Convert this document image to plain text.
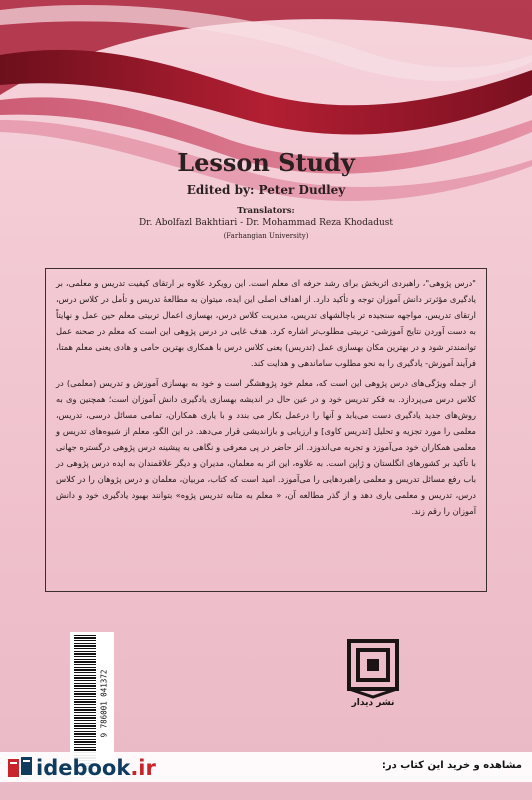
Lesson Study
Edited by: Peter Dudley
Translators:
Dr. Abolfazl Bakhtiari - Dr. Mohammad Reza Khodadust
(Farhangian University)

"درس پژوهی"، راهبردی اثربخش برای رشد حرفه ای معلم است. این رویکرد علاوه بر ارتقای کیفیت تدریس و معلمی، بر یادگیری مؤثرتر دانش آموزان توجه و تأکید دارد. از اهداف اصلی این ایده، میتوان به مطالعهٔ تدریس و تأمل در کلاس درس، ارتقای تدریس، مواجهه سنجیده تر باچالشهای تدریس، مدیریت کلاس درس، بهسازی اعمال تربیتی معلم حین عمل و نهایتاً به دست آوردن نتایج آموزشی- تربیتی مطلوب‌تر اشاره کرد. هدف غایی در درس پژوهی این است که معلم در صحنه عمل توانمندتر شود و در بهترین مکان بهسازی عمل (تدریس) یعنی کلاس درس با همکاری بهترین حامی و هادی یعنی معلم همتا، فرآیند آموزش- یادگیری را به نحو مطلوب ساماندهی و هدایت کند.

از جمله ویژگی‌های درس پژوهی این است که، معلم خود پژوهشگر است و خود به بهسازی آموزش و تدریس (معلمی) در کلاس درس می‌پردازد. به فکر تدریس خود و در عین حال در اندیشه بهسازی یادگیری دانش آموزان است؛ همچنین وی به روش‌های جدید یادگیری دست می‌یابد و آنها را درعمل بکار می بندد و با یاری همکاران، تمامی مسائل درسی، تدریس، معلمی را مورد تجزیه و تحلیل [تدریس کاوی] و ارزیابی و بازاندیشی قرار می‌دهد. در این الگو، معلم از شیوه‌های تدریس و معلمی همکاران خود می‌آموزد و تجربه می‌اندوزد. اثر حاضر در پی معرفی و نگاهی به پیشینه درس پژوهی درگستره جهانی با تأکید بر کشورهای انگلستان و ژاپن است. به علاوه، این اثر به معلمان، مدیران و دیگر علاقمندان به ایده درس پژوهی در باب رفع مسائل تدریس و معلمی راهبردهایی را می‌آموزد. امید است که کتاب، مربیان، معلمان و درس پژوهان را در کلاس درس، تدریس و معلمی یاری دهد و از گذر مطالعه آن، « معلم به مثابه تدریس پژوه» بتوانند بهبود یادگیری خود و دانش آموزان را رقم زند.

9 786001 041372	نشر دیدار
idebook.ir	مشاهده و خرید این کتاب در:
